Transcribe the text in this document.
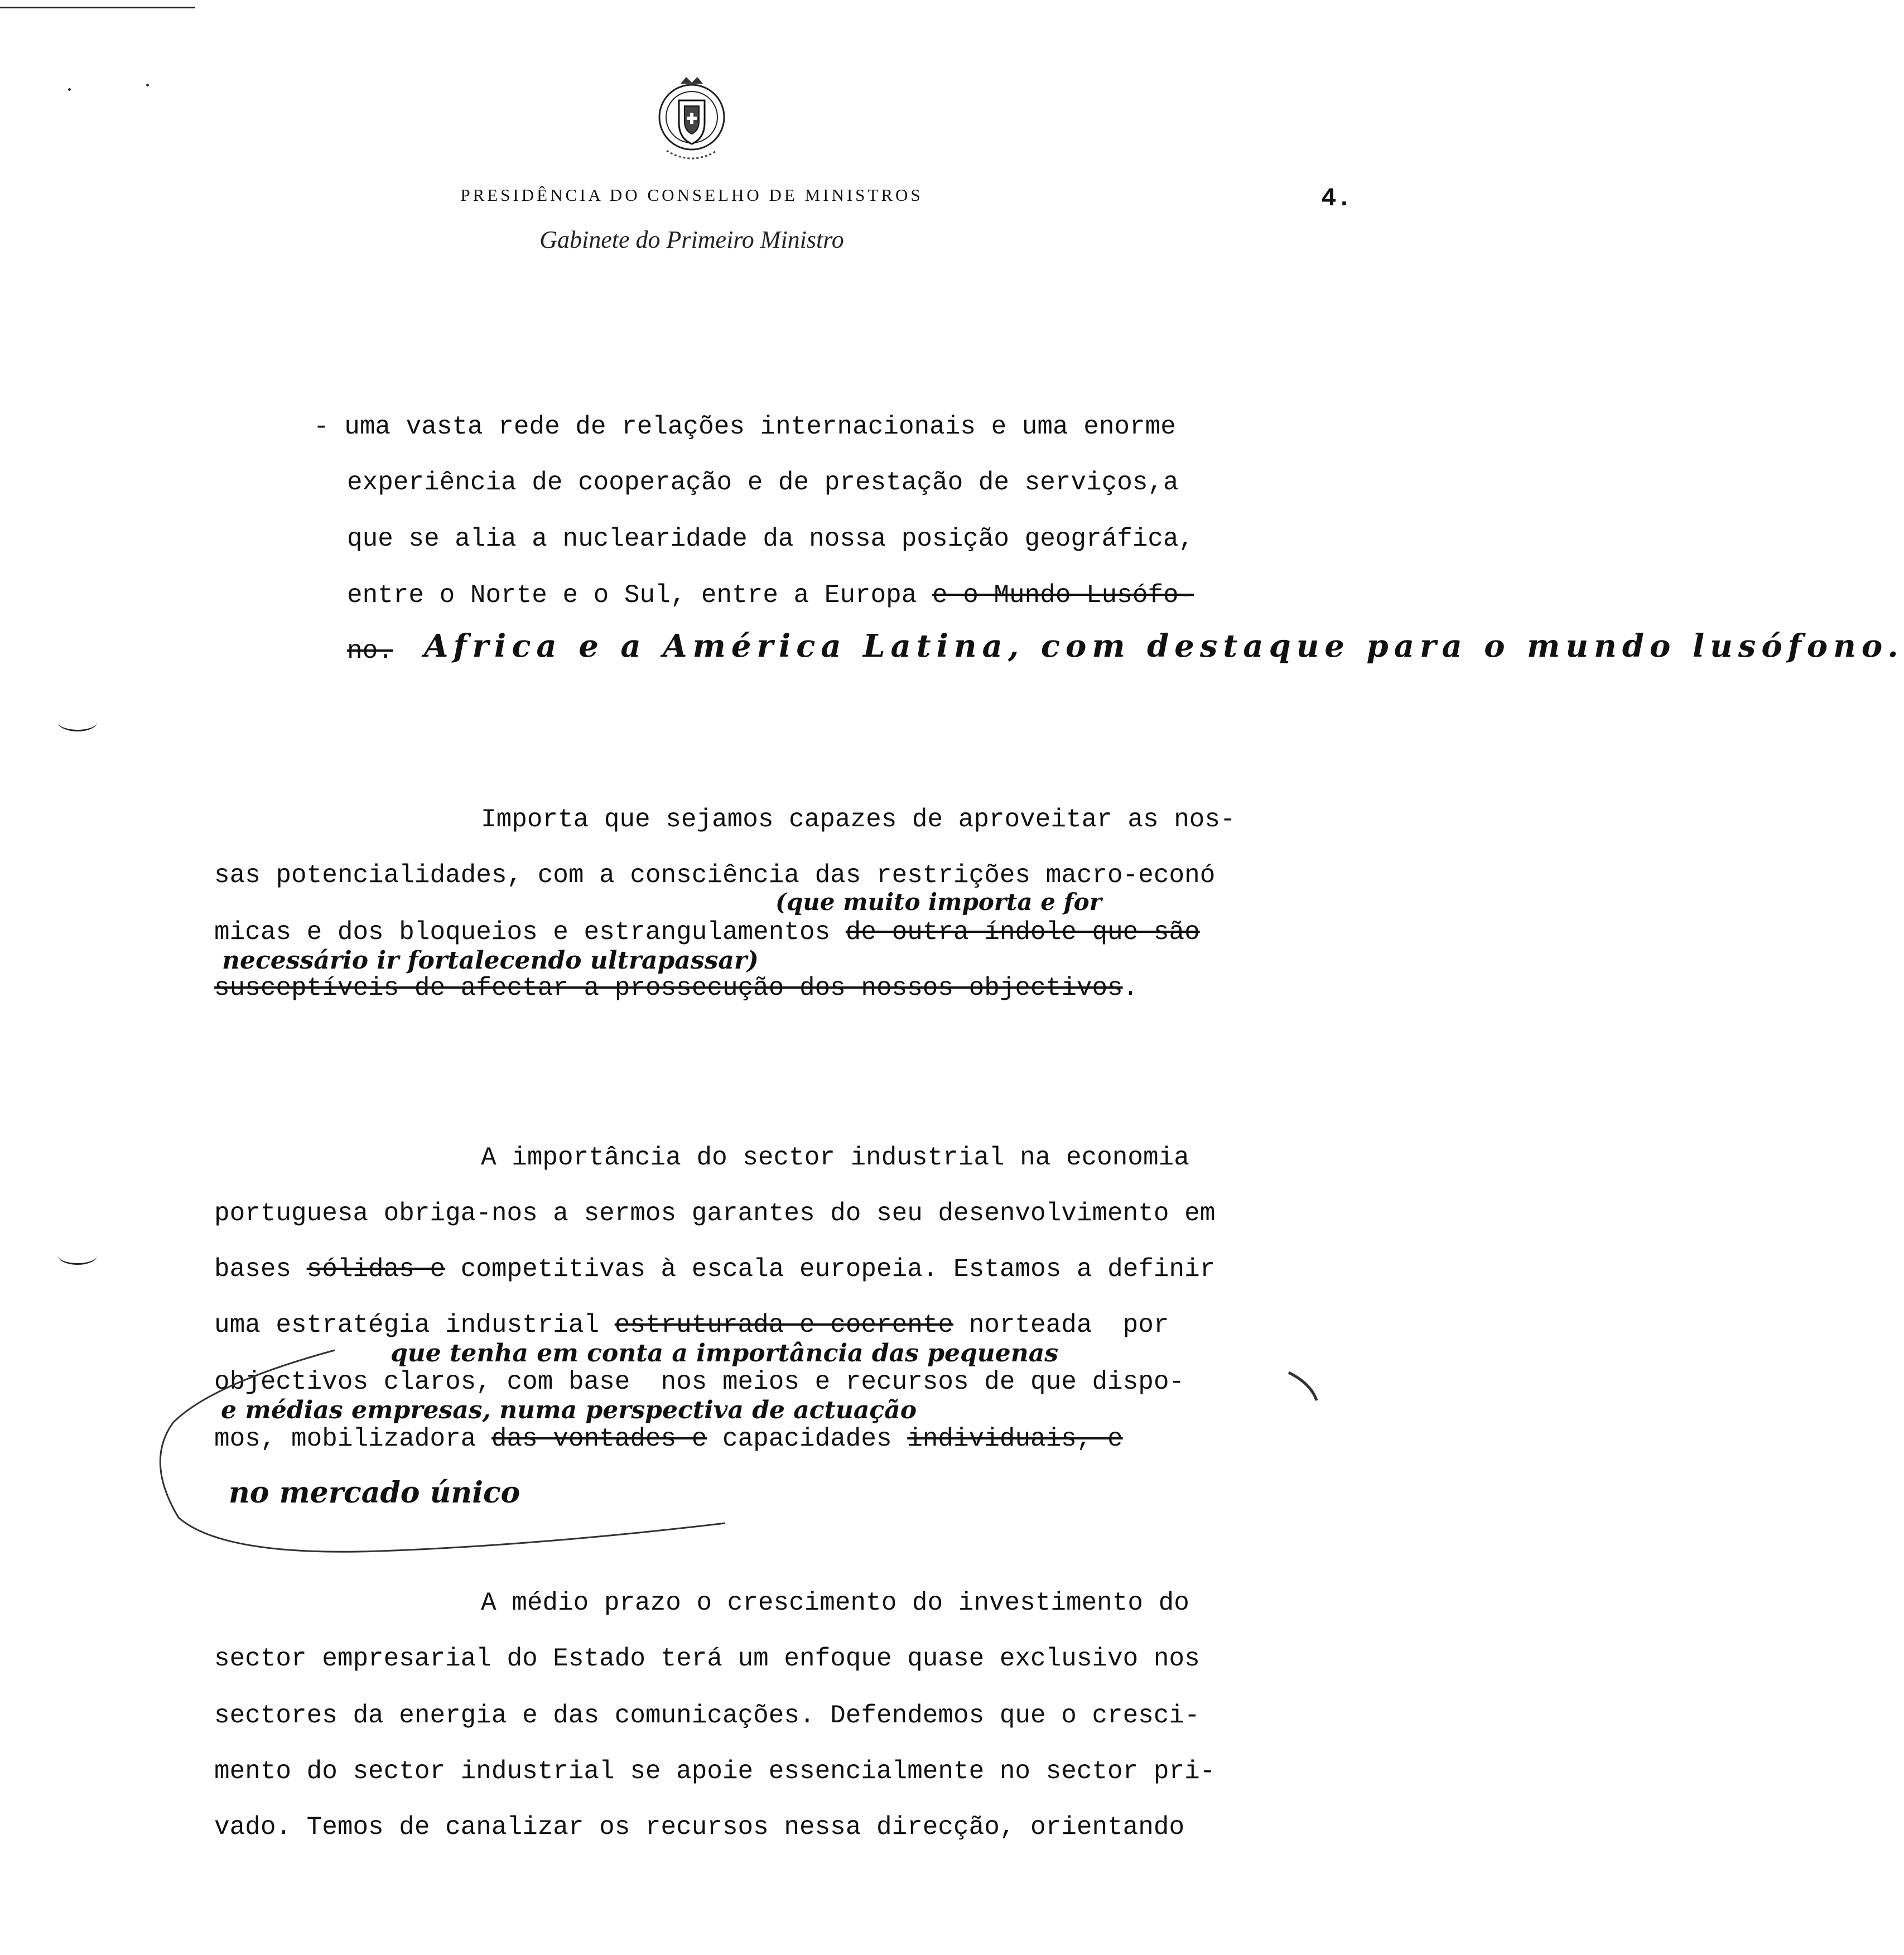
PRESIDÊNCIA DO CONSELHO DE MINISTROS
Gabinete do Primeiro Ministro
4.
- uma vasta rede de relações internacionais e uma enorme
experiência de cooperação e de prestação de serviços,a
que se alia a nuclearidade da nossa posição geográfica,
entre o Norte e o Sul, entre a Europa e o Mundo Lusófo-
no. Africa e a América Latina, com destaque para o mundo lusófono.
Importa que sejamos capazes de aproveitar as nos-
sas potencialidades, com a consciência das restrições macro-econó
(que muito importa e for
micas e dos bloqueios e estrangulamentos de outra índole que são
necessário ir fortalecendo ultrapassar)
susceptíveis de afectar a prossecução dos nossos objectivos.
A importância do sector industrial na economia
portuguesa obriga-nos a sermos garantes do seu desenvolvimento em
bases sólidas e competitivas à escala europeia. Estamos a definir
uma estratégia industrial estruturada e coerente norteada  por
que tenha em conta a importância das pequenas
objectivos claros, com base  nos meios e recursos de que dispo-
e médias empresas, numa perspectiva de actuação
mos, mobilizadora das vontades e capacidades individuais, e
no mercado único
A médio prazo o crescimento do investimento do
sector empresarial do Estado terá um enfoque quase exclusivo nos
sectores da energia e das comunicações. Defendemos que o cresci-
mento do sector industrial se apoie essencialmente no sector pri-
vado. Temos de canalizar os recursos nessa direcção, orientando
